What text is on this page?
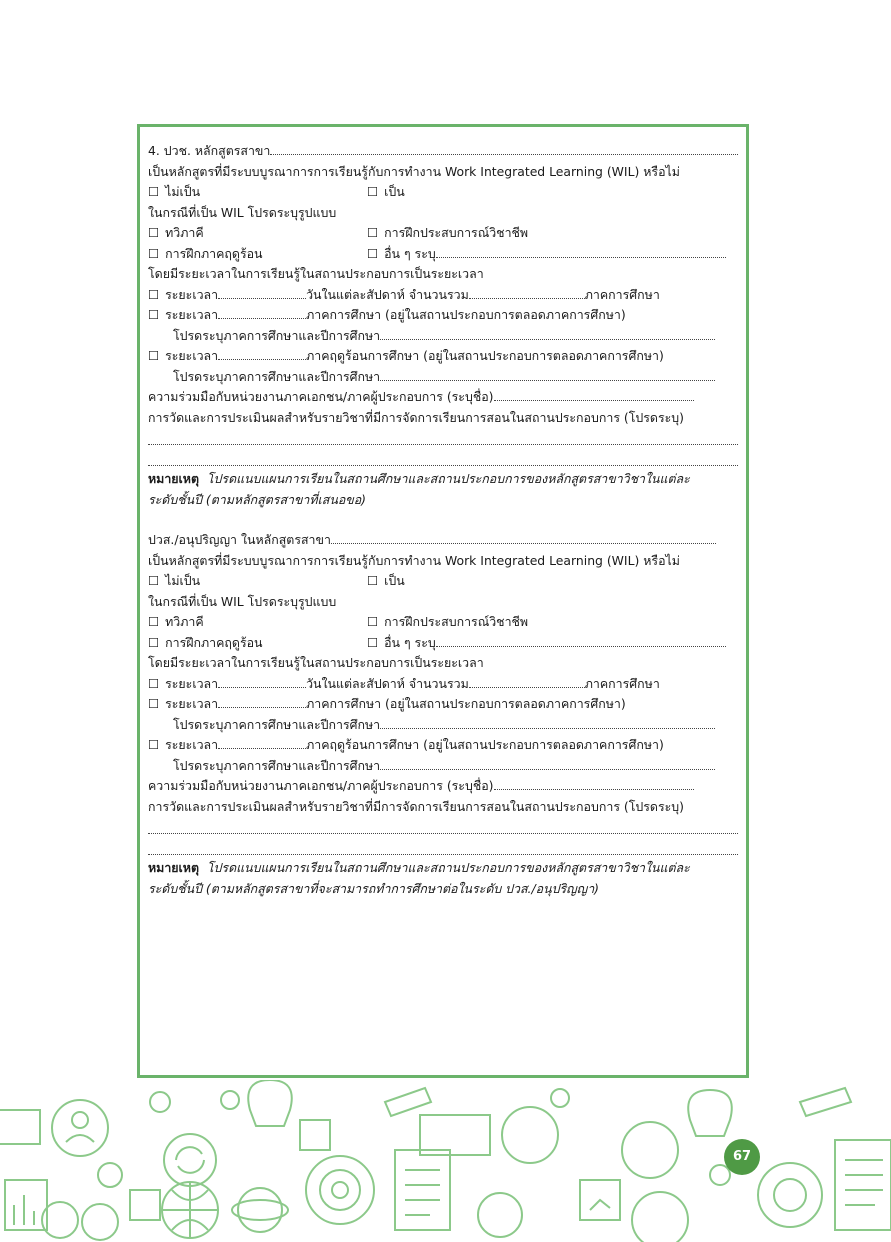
4. ปวช. หลักสูตรสาขา
เป็นหลักสูตรที่มีระบบบูรณาการการเรียนรู้กับการทำงาน Work Integrated Learning (WIL) หรือไม่
☐ ไม่เป็น	☐ เป็น
ในกรณีที่เป็น WIL โปรดระบุรูปแบบ
☐ ทวิภาคี	☐ การฝึกประสบการณ์วิชาชีพ
☐ การฝึกภาคฤดูร้อน	☐ อื่น ๆ ระบุ
โดยมีระยะเวลาในการเรียนรู้ในสถานประกอบการเป็นระยะเวลา
☐ ระยะเวลา	วันในแต่ละสัปดาห์ จำนวนรวม	ภาคการศึกษา
☐ ระยะเวลา	ภาคการศึกษา (อยู่ในสถานประกอบการตลอดภาคการศึกษา)
โปรดระบุภาคการศึกษาและปีการศึกษา
☐ ระยะเวลา	ภาคฤดูร้อนการศึกษา (อยู่ในสถานประกอบการตลอดภาคการศึกษา)
โปรดระบุภาคการศึกษาและปีการศึกษา
ความร่วมมือกับหน่วยงานภาคเอกชน/ภาคผู้ประกอบการ (ระบุชื่อ)
การวัดและการประเมินผลสำหรับรายวิชาที่มีการจัดการเรียนการสอนในสถานประกอบการ (โปรดระบุ)
หมายเหตุ โปรดแนบแผนการเรียนในสถานศึกษาและสถานประกอบการของหลักสูตรสาขาวิชาในแต่ละ
ระดับชั้นปี (ตามหลักสูตรสาขาที่เสนอขอ)
ปวส./อนุปริญญา ในหลักสูตรสาขา
เป็นหลักสูตรที่มีระบบบูรณาการการเรียนรู้กับการทำงาน Work Integrated Learning (WIL) หรือไม่
☐ ไม่เป็น	☐ เป็น
ในกรณีที่เป็น WIL โปรดระบุรูปแบบ
☐ ทวิภาคี	☐ การฝึกประสบการณ์วิชาชีพ
☐ การฝึกภาคฤดูร้อน	☐ อื่น ๆ ระบุ
โดยมีระยะเวลาในการเรียนรู้ในสถานประกอบการเป็นระยะเวลา
☐ ระยะเวลา	วันในแต่ละสัปดาห์ จำนวนรวม	ภาคการศึกษา
☐ ระยะเวลา	ภาคการศึกษา (อยู่ในสถานประกอบการตลอดภาคการศึกษา)
โปรดระบุภาคการศึกษาและปีการศึกษา
☐ ระยะเวลา	ภาคฤดูร้อนการศึกษา (อยู่ในสถานประกอบการตลอดภาคการศึกษา)
โปรดระบุภาคการศึกษาและปีการศึกษา
ความร่วมมือกับหน่วยงานภาคเอกชน/ภาคผู้ประกอบการ (ระบุชื่อ)
การวัดและการประเมินผลสำหรับรายวิชาที่มีการจัดการเรียนการสอนในสถานประกอบการ (โปรดระบุ)
หมายเหตุ โปรดแนบแผนการเรียนในสถานศึกษาและสถานประกอบการของหลักสูตรสาขาวิชาในแต่ละ
ระดับชั้นปี (ตามหลักสูตรสาขาที่จะสามารถทำการศึกษาต่อในระดับ ปวส./อนุปริญญา)
67
